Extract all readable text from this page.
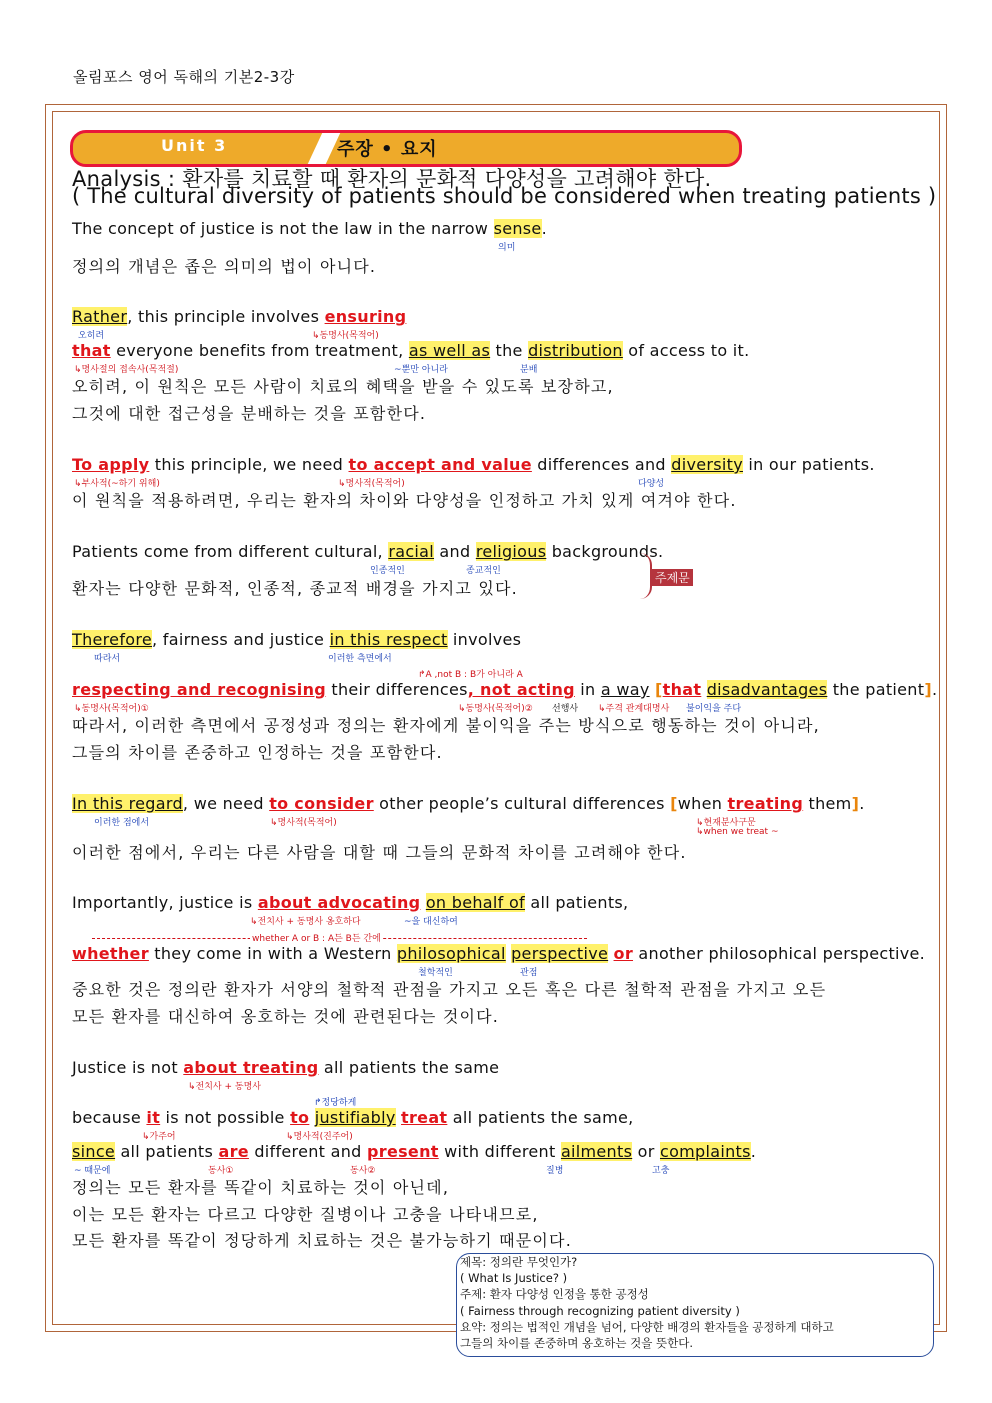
올림포스 영어 독해의 기본2-3강
Unit 3	주장 • 요지
Analysis : 환자를 치료할 때 환자의 문화적 다양성을 고려해야 한다.
( The cultural diversity of patients should be considered when treating patients )
The concept of justice is not the law in the narrow sense.
의미
정의의 개념은 좁은 의미의 법이 아니다.
Rather, this principle involves ensuring
오히려	↳동명사(목적어)
that everyone benefits from treatment, as well as the distribution of access to it.
↳명사절의 접속사(목적절)	~뿐만 아니라	분배
오히려, 이 원칙은 모든 사람이 치료의 혜택을 받을 수 있도록 보장하고,
그것에 대한 접근성을 분배하는 것을 포함한다.
To apply this principle, we need to accept and value differences and diversity in our patients.
↳부사적(~하기 위해)	↳명사적(목적어)	다양성
이 원칙을 적용하려면, 우리는 환자의 차이와 다양성을 인정하고 가치 있게 여겨야 한다.
Patients come from different cultural, racial and religious backgrounds.
인종적인	종교적인
환자는 다양한 문화적, 인종적, 종교적 배경을 가지고 있다.
주제문
Therefore, fairness and justice in this respect involves
따라서	이러한 측면에서
↱A ,not B : B가 아니라 A
respecting and recognising their differences, not acting in a way [that disadvantages the patient].
↳동명사(목적어)①	↳동명사(목적어)② 선행사 ↳주격 관계대명사 불이익을 주다
따라서, 이러한 측면에서 공정성과 정의는 환자에게 불이익을 주는 방식으로 행동하는 것이 아니라,
그들의 차이를 존중하고 인정하는 것을 포함한다.
In this regard, we need to consider other people’s cultural differences [when treating them].
이러한 점에서	↳명사적(목적어)	↳현재분사구문
↳when we treat ~
이러한 점에서, 우리는 다른 사람을 대할 때 그들의 문화적 차이를 고려해야 한다.
Importantly, justice is about advocating on behalf of all patients,
↳전치사 + 동명사 옹호하다	~을 대신하여
whether A or B : A든 B든 간에
whether they come in with a Western philosophical perspective or another philosophical perspective.
철학적인	관점
중요한 것은 정의란 환자가 서양의 철학적 관점을 가지고 오든 혹은 다른 철학적 관점을 가지고 오든
모든 환자를 대신하여 옹호하는 것에 관련된다는 것이다.
Justice is not about treating all patients the same
↳전치사 + 동명사
↱정당하게
because it is not possible to justifiably treat all patients the same,
↳가주어	↳명사적(진주어)
since all patients are different and present with different ailments or complaints.
~ 때문에	동사①	동사②	질병	고충
정의는 모든 환자를 똑같이 치료하는 것이 아닌데,
이는 모든 환자는 다르고 다양한 질병이나 고충을 나타내므로,
모든 환자를 똑같이 정당하게 치료하는 것은 불가능하기 때문이다.
제목: 정의란 무엇인가?
( What Is Justice? )
주제: 환자 다양성 인정을 통한 공정성
( Fairness through recognizing patient diversity )
요약: 정의는 법적인 개념을 넘어, 다양한 배경의 환자들을 공정하게 대하고
그들의 차이를 존중하며 옹호하는 것을 뜻한다.
